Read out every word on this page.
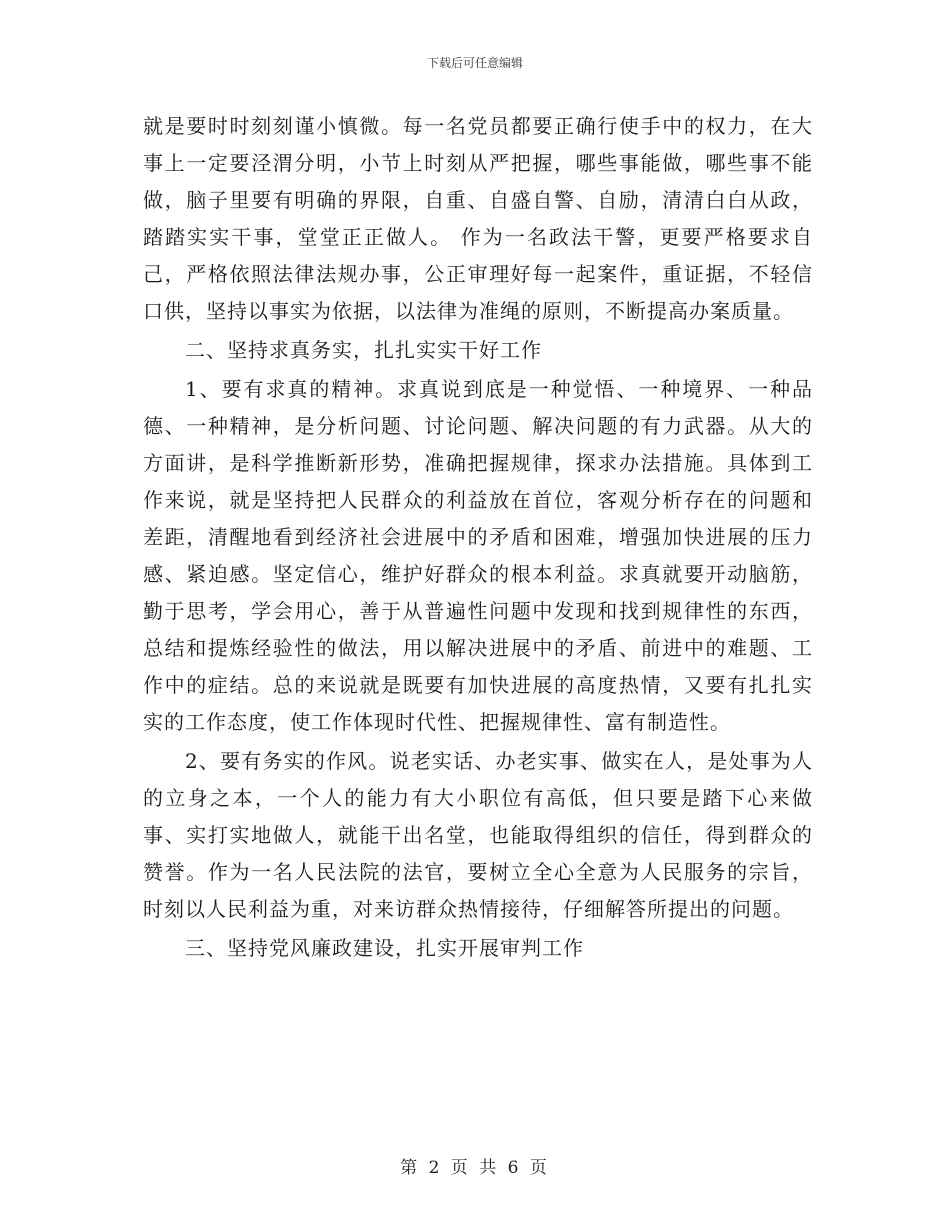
下载后可任意编辑

就是要时时刻刻谨小慎微。每一名党员都要正确行使手中的权力，在大事上一定要泾渭分明，小节上时刻从严把握，哪些事能做，哪些事不能做，脑子里要有明确的界限，自重、自盛自警、自励，清清白白从政，踏踏实实干事，堂堂正正做人。 作为一名政法干警，更要严格要求自己，严格依照法律法规办事，公正审理好每一起案件，重证据，不轻信口供，坚持以事实为依据，以法律为准绳的原则，不断提高办案质量。

二、坚持求真务实，扎扎实实干好工作

1、要有求真的精神。求真说到底是一种觉悟、一种境界、一种品德、一种精神，是分析问题、讨论问题、解决问题的有力武器。从大的方面讲，是科学推断新形势，准确把握规律，探求办法措施。具体到工作来说，就是坚持把人民群众的利益放在首位，客观分析存在的问题和差距，清醒地看到经济社会进展中的矛盾和困难，增强加快进展的压力感、紧迫感。坚定信心，维护好群众的根本利益。求真就要开动脑筋，勤于思考，学会用心，善于从普遍性问题中发现和找到规律性的东西，总结和提炼经验性的做法，用以解决进展中的矛盾、前进中的难题、工作中的症结。总的来说就是既要有加快进展的高度热情，又要有扎扎实实的工作态度，使工作体现时代性、把握规律性、富有制造性。

2、要有务实的作风。说老实话、办老实事、做实在人，是处事为人的立身之本，一个人的能力有大小职位有高低，但只要是踏下心来做事、实打实地做人，就能干出名堂，也能取得组织的信任，得到群众的赞誉。作为一名人民法院的法官，要树立全心全意为人民服务的宗旨，时刻以人民利益为重，对来访群众热情接待，仔细解答所提出的问题。

三、坚持党风廉政建设，扎实开展审判工作

第 2 页 共 6 页
